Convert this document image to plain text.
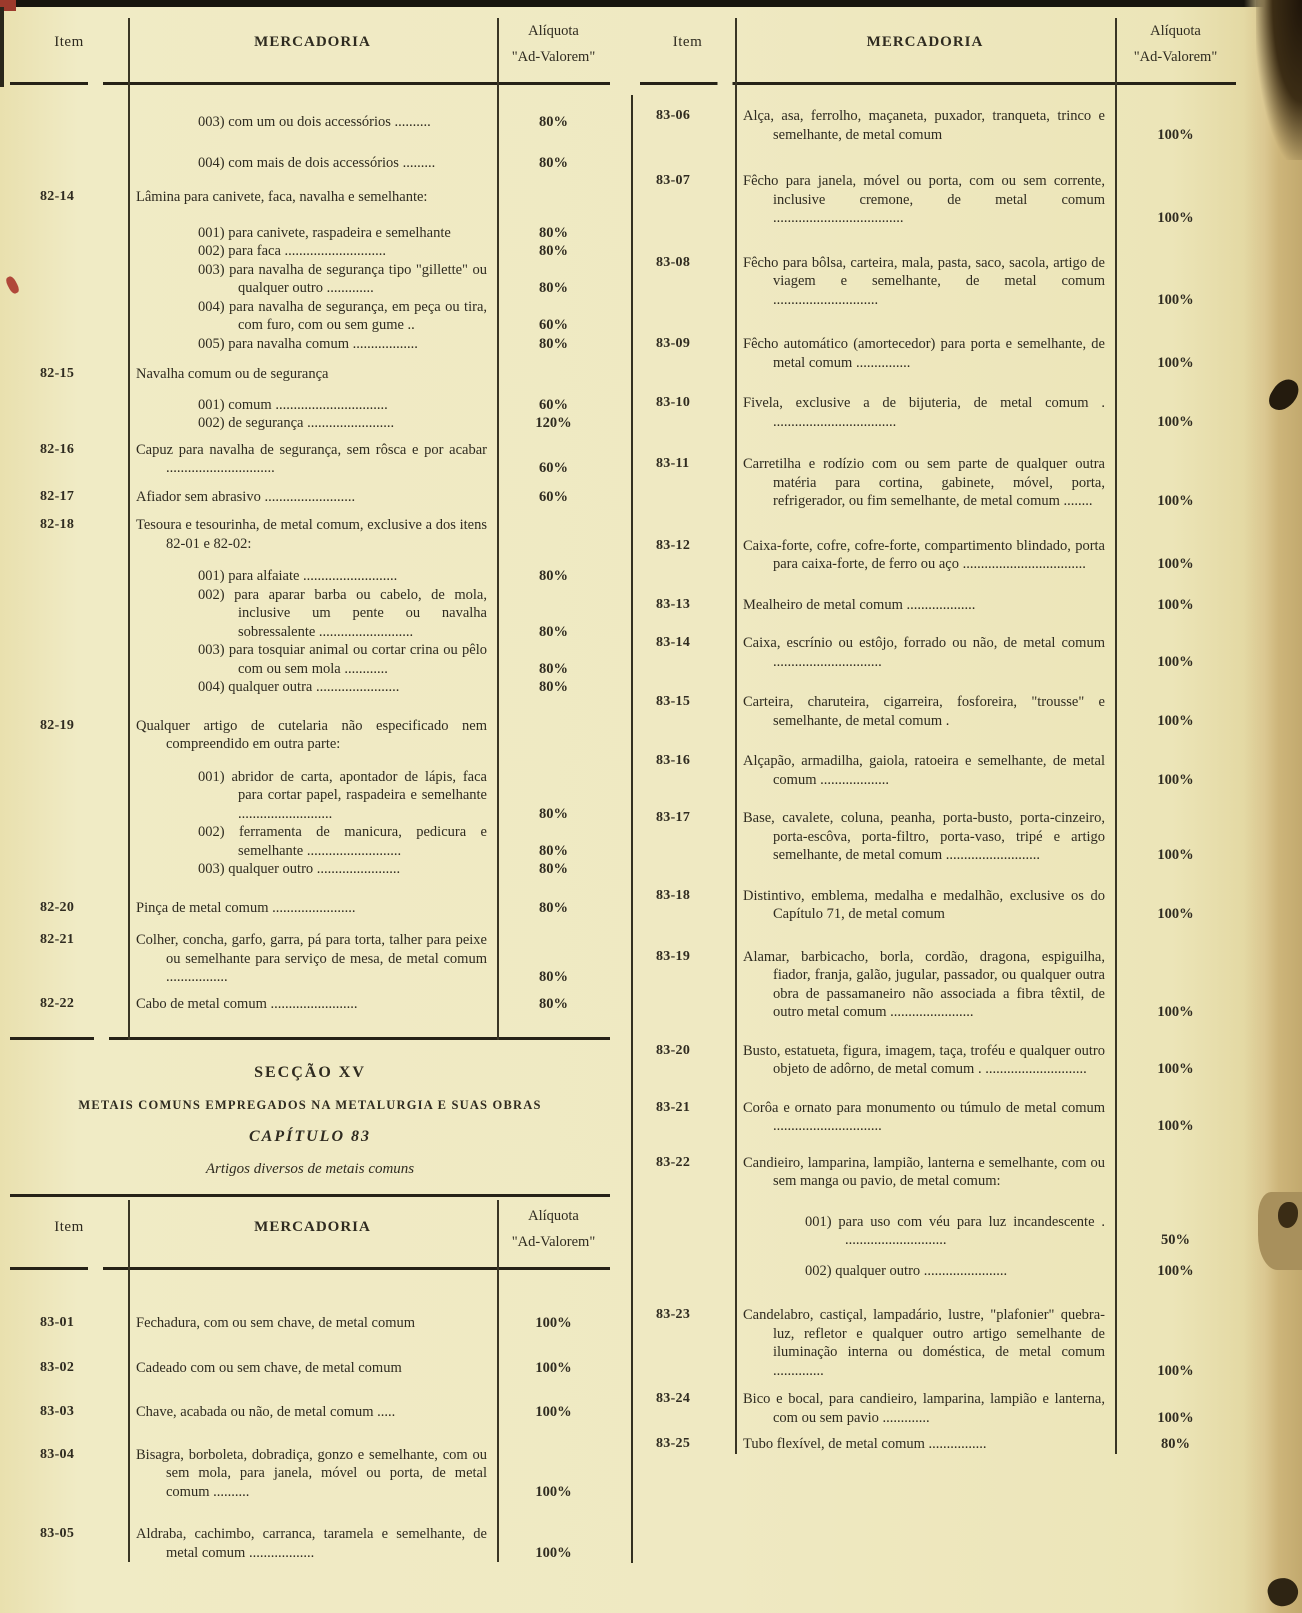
Item	MERCADORIA
Alíquota
"Ad-Valorem"
003) com um ou dois accessórios ..........	80%
004) com mais de dois accessórios .........	80%
82-14	Lâmina para canivete, faca, navalha e semelhante:
001) para canivete, raspadeira e semelhante	80%
002) para faca ............................	80%
003) para navalha de segurança tipo "gillette" ou qualquer outro .............	80%
004) para navalha de segurança, em peça ou tira, com furo, com ou sem gume ..	60%
005) para navalha comum ..................	80%
82-15	Navalha comum ou de segurança
001) comum ...............................	60%
002) de segurança ........................	120%
82-16	Capuz para navalha de segurança, sem rôsca e por acabar ..............................	60%
82-17	Afiador sem abrasivo .........................	60%
82-18	Tesoura e tesourinha, de metal comum, exclusive a dos itens 82-01 e 82-02:
001) para alfaiate ..........................	80%
002) para aparar barba ou cabelo, de mola, inclusive um pente ou navalha sobressalente ..........................	80%
003) para tosquiar animal ou cortar crina ou pêlo com ou sem mola ............	80%
004) qualquer outra .......................	80%
82-19	Qualquer artigo de cutelaria não especificado nem compreendido em outra parte:
001) abridor de carta, apontador de lápis, faca para cortar papel, raspadeira e semelhante ..........................	80%
002) ferramenta de manicura, pedicura e semelhante ..........................	80%
003) qualquer outro .......................	80%
82-20	Pinça de metal comum .......................	80%
82-21	Colher, concha, garfo, garra, pá para torta, talher para peixe ou semelhante para serviço de mesa, de metal comum .................	80%
82-22	Cabo de metal comum ........................	80%
SECÇÃO XV
METAIS COMUNS EMPREGADOS NA METALURGIA E SUAS OBRAS
CAPÍTULO 83
Artigos diversos de metais comuns
Item	MERCADORIA
Alíquota
"Ad-Valorem"
83-01	Fechadura, com ou sem chave, de metal comum	100%
83-02	Cadeado com ou sem chave, de metal comum	100%
83-03	Chave, acabada ou não, de metal comum .....	100%
83-04	Bisagra, borboleta, dobradiça, gonzo e semelhante, com ou sem mola, para janela, móvel ou porta, de metal comum ..........	100%
83-05	Aldraba, cachimbo, carranca, taramela e semelhante, de metal comum ..................	100%
Item	MERCADORIA
Alíquota
"Ad-Valorem"
83-06	Alça, asa, ferrolho, maçaneta, puxador, tranqueta, trinco e semelhante, de metal comum	100%
83-07	Fêcho para janela, móvel ou porta, com ou sem corrente, inclusive cremone, de metal comum ....................................	100%
83-08	Fêcho para bôlsa, carteira, mala, pasta, saco, sacola, artigo de viagem e semelhante, de metal comum .............................	100%
83-09	Fêcho automático (amortecedor) para porta e semelhante, de metal comum ...............	100%
83-10	Fivela, exclusive a de bijuteria, de metal comum . ..................................	100%
83-11	Carretilha e rodízio com ou sem parte de qualquer outra matéria para cortina, gabinete, móvel, porta, refrigerador, ou fim semelhante, de metal comum ........	100%
83-12	Caixa-forte, cofre, cofre-forte, compartimento blindado, porta para caixa-forte, de ferro ou aço ..................................	100%
83-13	Mealheiro de metal comum ...................	100%
83-14	Caixa, escrínio ou estôjo, forrado ou não, de metal comum ..............................	100%
83-15	Carteira, charuteira, cigarreira, fosforeira, "trousse" e semelhante, de metal comum .	100%
83-16	Alçapão, armadilha, gaiola, ratoeira e semelhante, de metal comum ...................	100%
83-17	Base, cavalete, coluna, peanha, porta-busto, porta-cinzeiro, porta-escôva, porta-filtro, porta-vaso, tripé e artigo semelhante, de metal comum ..........................	100%
83-18	Distintivo, emblema, medalha e medalhão, exclusive os do Capítulo 71, de metal comum	100%
83-19	Alamar, barbicacho, borla, cordão, dragona, espiguilha, fiador, franja, galão, jugular, passador, ou qualquer outra obra de passamaneiro não associada a fibra têxtil, de outro metal comum .......................	100%
83-20	Busto, estatueta, figura, imagem, taça, troféu e qualquer outro objeto de adôrno, de metal comum . ............................	100%
83-21	Corôa e ornato para monumento ou túmulo de metal comum ..............................	100%
83-22	Candieiro, lamparina, lampião, lanterna e semelhante, com ou sem manga ou pavio, de metal comum:
001) para uso com véu para luz incandescente . ............................	50%
002) qualquer outro .......................	100%
83-23	Candelabro, castiçal, lampadário, lustre, "plafonier" quebra-luz, refletor e qualquer outro artigo semelhante de iluminação interna ou doméstica, de metal comum ..............	100%
83-24	Bico e bocal, para candieiro, lamparina, lampião e lanterna, com ou sem pavio .............	100%
83-25	Tubo flexível, de metal comum ................	80%
